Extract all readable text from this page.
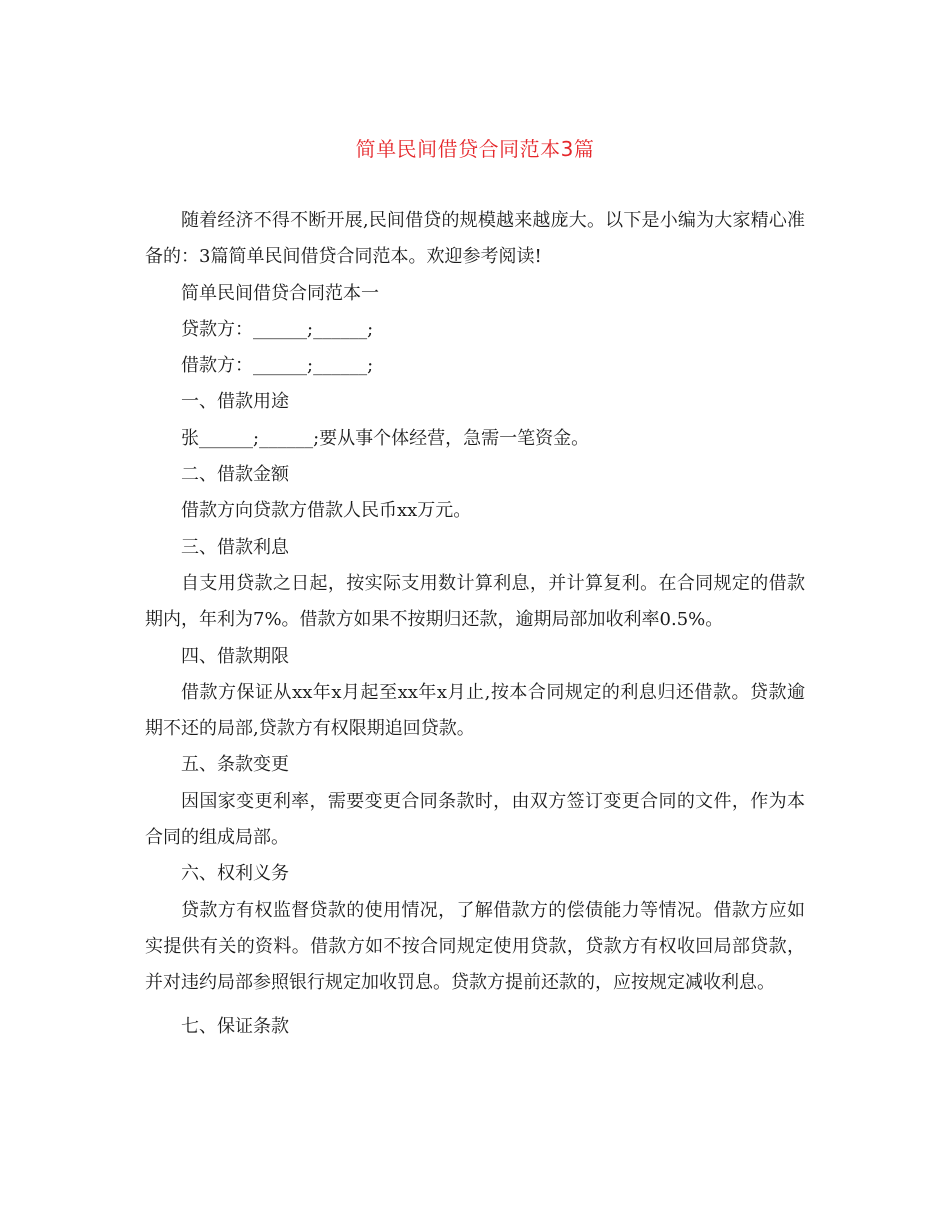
简单民间借贷合同范本3篇

随着经济不得不断开展,民间借贷的规模越来越庞大。以下是小编为大家精心准备的：3篇简单民间借贷合同范本。欢迎参考阅读!

简单民间借贷合同范本一

贷款方：______;______;

借款方：______;______;

一、借款用途

张______;______;要从事个体经营，急需一笔资金。

二、借款金额

借款方向贷款方借款人民币xx万元。

三、借款利息

自支用贷款之日起，按实际支用数计算利息，并计算复利。在合同规定的借款期内，年利为7%。借款方如果不按期归还款，逾期局部加收利率0.5%。

四、借款期限

借款方保证从xx年x月起至xx年x月止,按本合同规定的利息归还借款。贷款逾期不还的局部,贷款方有权限期追回贷款。

五、条款变更

因国家变更利率，需要变更合同条款时，由双方签订变更合同的文件，作为本合同的组成局部。

六、权利义务

贷款方有权监督贷款的使用情况，了解借款方的偿债能力等情况。借款方应如实提供有关的资料。借款方如不按合同规定使用贷款，贷款方有权收回局部贷款，并对违约局部参照银行规定加收罚息。贷款方提前还款的，应按规定减收利息。

七、保证条款
